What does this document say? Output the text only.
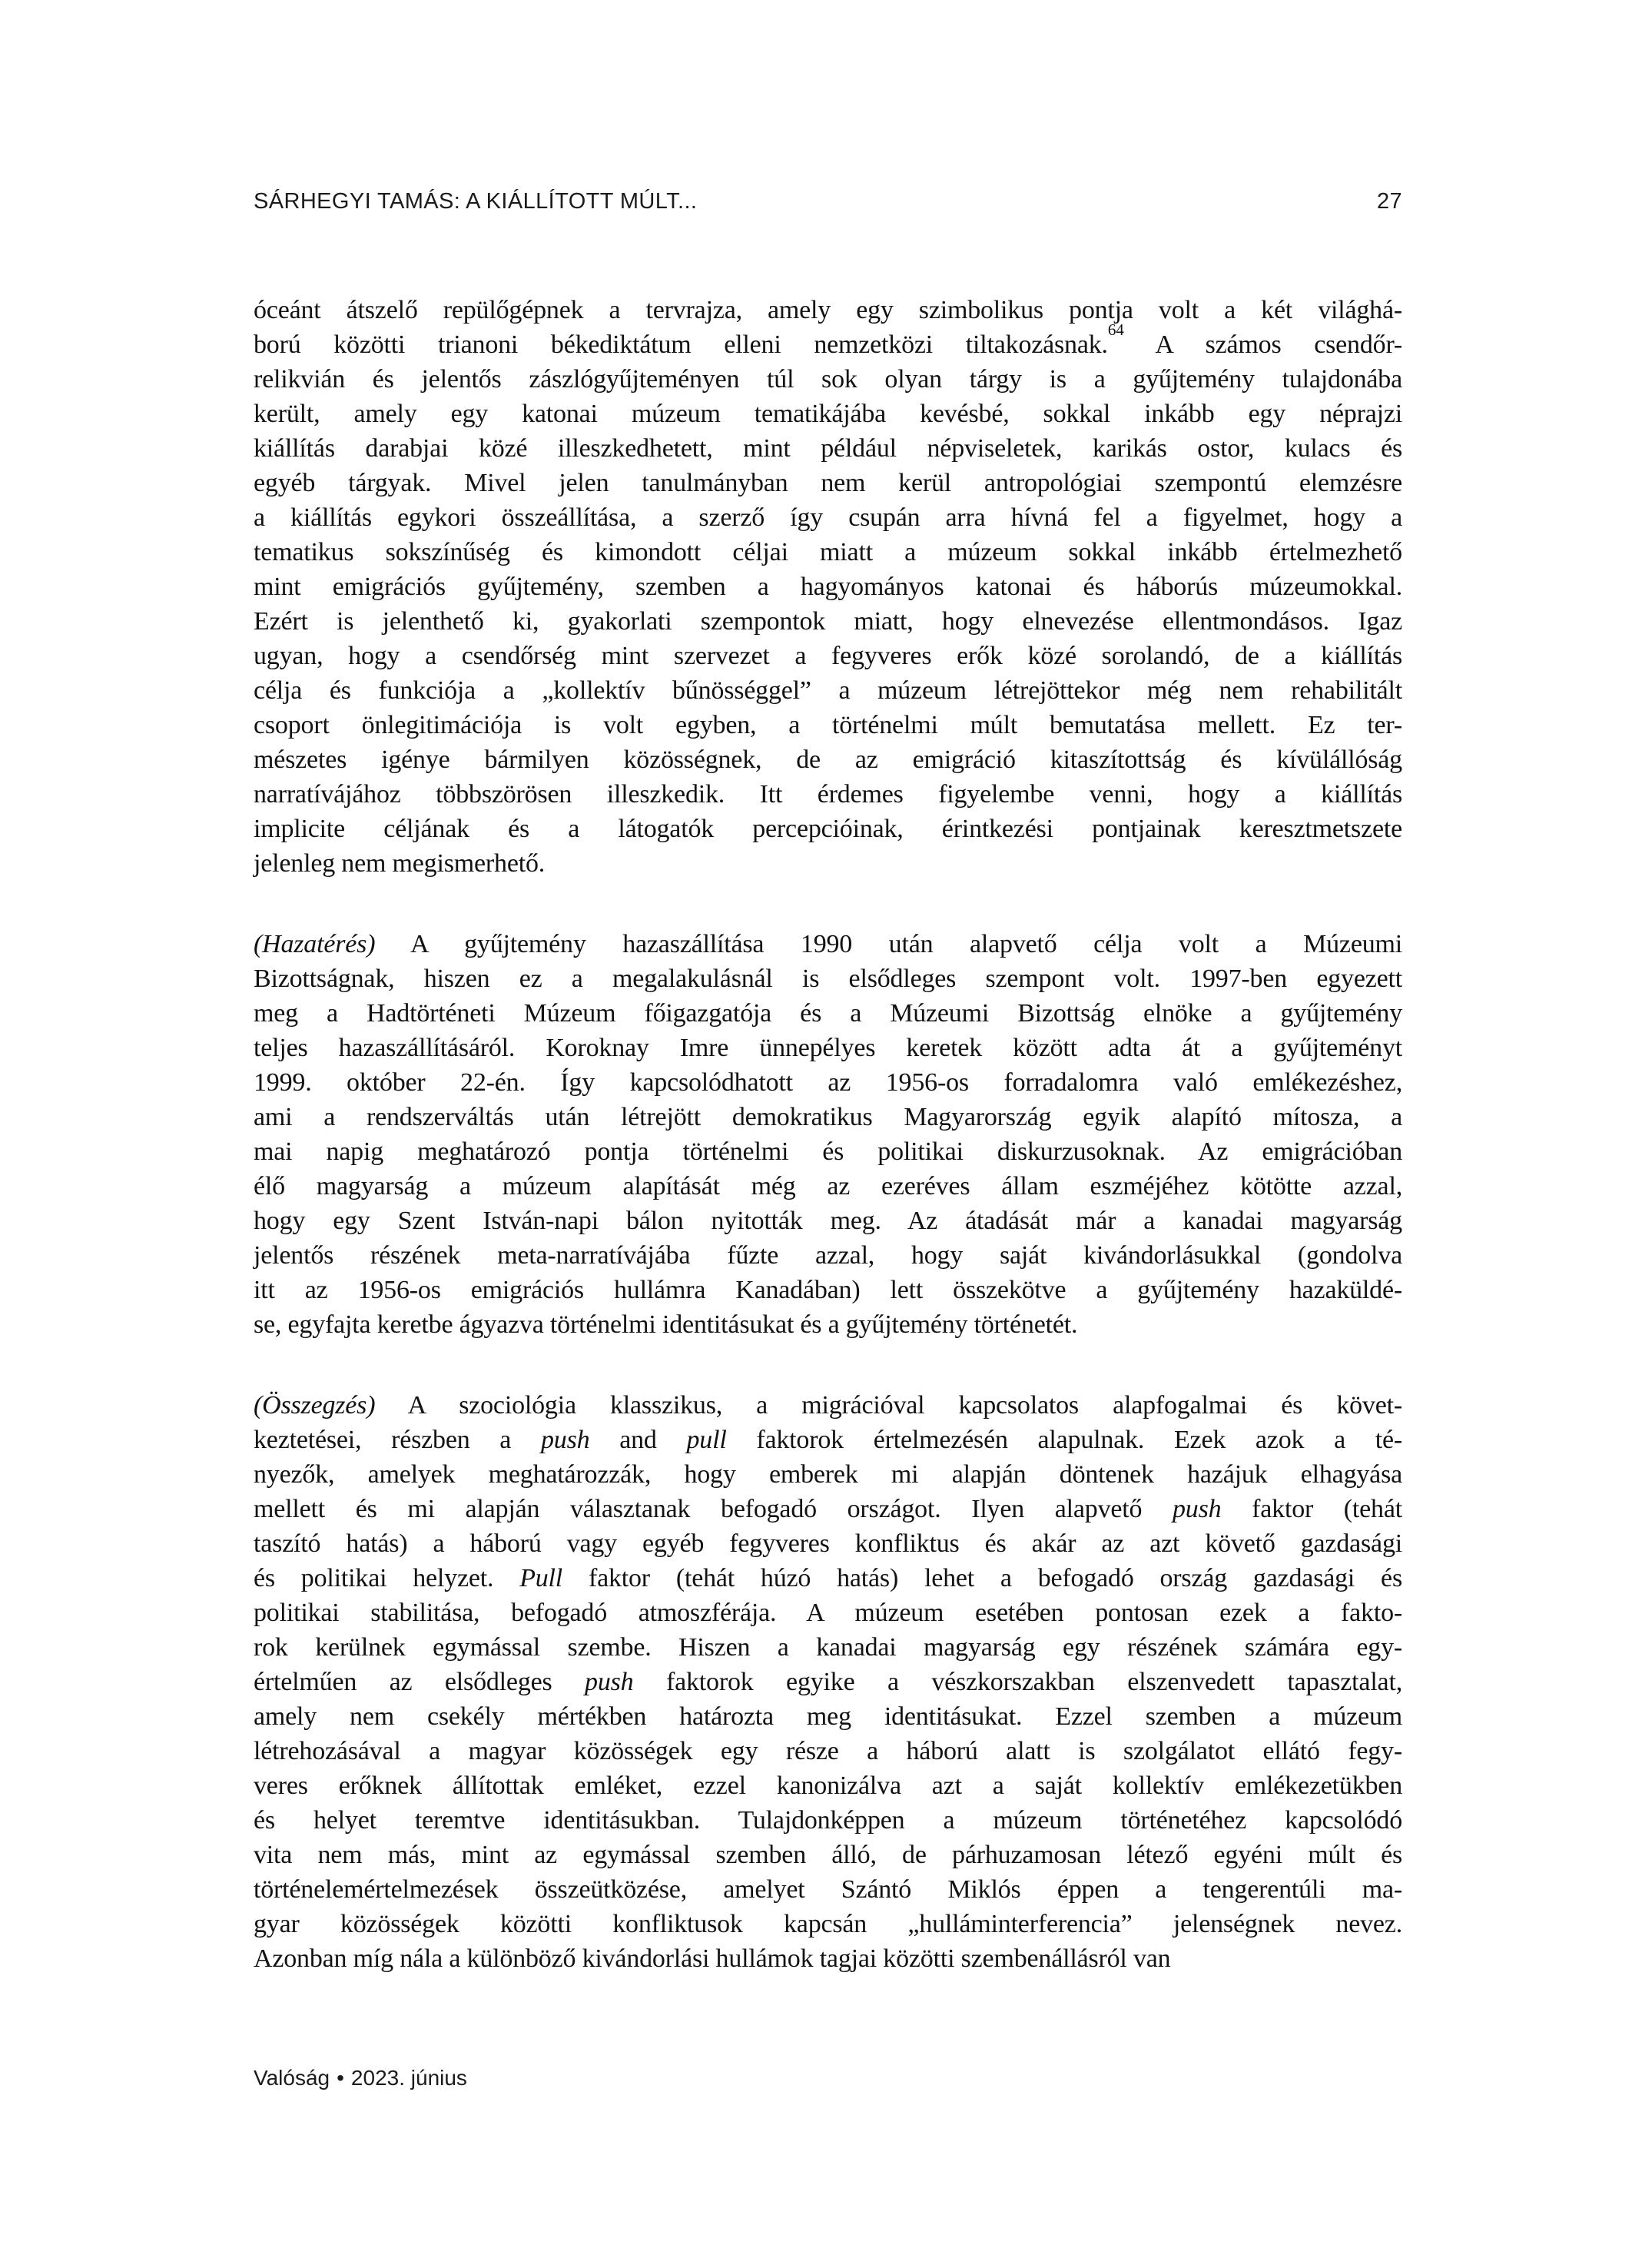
SÁRHEGYI TAMÁS: A KIÁLLÍTOTT MÚLT...	27

óceánt átszelő repülőgépnek a tervrajza, amely egy szimbolikus pontja volt a két világhá-
ború közötti trianoni békediktátum elleni nemzetközi tiltakozásnak.$^{64}$ A számos csendőr-
relikvián és jelentős zászlógyűjteményen túl sok olyan tárgy is a gyűjtemény tulajdonába
került, amely egy katonai múzeum tematikájába kevésbé, sokkal inkább egy néprajzi
kiállítás darabjai közé illeszkedhetett, mint például népviseletek, karikás ostor, kulacs és
egyéb tárgyak. Mivel jelen tanulmányban nem kerül antropológiai szempontú elemzésre
a kiállítás egykori összeállítása, a szerző így csupán arra hívná fel a figyelmet, hogy a
tematikus sokszínűség és kimondott céljai miatt a múzeum sokkal inkább értelmezhető
mint emigrációs gyűjtemény, szemben a hagyományos katonai és háborús múzeumokkal.
Ezért is jelenthető ki, gyakorlati szempontok miatt, hogy elnevezése ellentmondásos. Igaz
ugyan, hogy a csendőrség mint szervezet a fegyveres erők közé sorolandó, de a kiállítás
célja és funkciója a „kollektív bűnösséggel” a múzeum létrejöttekor még nem rehabilitált
csoport önlegitimációja is volt egyben, a történelmi múlt bemutatása mellett. Ez ter-
mészetes igénye bármilyen közösségnek, de az emigráció kitaszítottság és kívülállóság
narratívájához többszörösen illeszkedik. Itt érdemes figyelembe venni, hogy a kiállítás
implicite céljának és a látogatók percepcióinak, érintkezési pontjainak keresztmetszete
jelenleg nem megismerhető.

(Hazatérés) A gyűjtemény hazaszállítása 1990 után alapvető célja volt a Múzeumi
Bizottságnak, hiszen ez a megalakulásnál is elsődleges szempont volt. 1997-ben egyezett
meg a Hadtörténeti Múzeum főigazgatója és a Múzeumi Bizottság elnöke a gyűjtemény
teljes hazaszállításáról. Koroknay Imre ünnepélyes keretek között adta át a gyűjteményt
1999. október 22-én. Így kapcsolódhatott az 1956-os forradalomra való emlékezéshez,
ami a rendszerváltás után létrejött demokratikus Magyarország egyik alapító mítosza, a
mai napig meghatározó pontja történelmi és politikai diskurzusoknak. Az emigrációban
élő magyarság a múzeum alapítását még az ezeréves állam eszméjéhez kötötte azzal,
hogy egy Szent István-napi bálon nyitották meg. Az átadását már a kanadai magyarság
jelentős részének meta-narratívájába fűzte azzal, hogy saját kivándorlásukkal (gondolva
itt az 1956-os emigrációs hullámra Kanadában) lett összekötve a gyűjtemény hazaküldé-
se, egyfajta keretbe ágyazva történelmi identitásukat és a gyűjtemény történetét.

(Összegzés) A szociológia klasszikus, a migrációval kapcsolatos alapfogalmai és követ-
keztetései, részben a push and pull faktorok értelmezésén alapulnak. Ezek azok a té-
nyezők, amelyek meghatározzák, hogy emberek mi alapján döntenek hazájuk elhagyása
mellett és mi alapján választanak befogadó országot. Ilyen alapvető push faktor (tehát
taszító hatás) a háború vagy egyéb fegyveres konfliktus és akár az azt követő gazdasági
és politikai helyzet. Pull faktor (tehát húzó hatás) lehet a befogadó ország gazdasági és
politikai stabilitása, befogadó atmoszférája. A múzeum esetében pontosan ezek a fakto-
rok kerülnek egymással szembe. Hiszen a kanadai magyarság egy részének számára egy-
értelműen az elsődleges push faktorok egyike a vészkorszakban elszenvedett tapasztalat,
amely nem csekély mértékben határozta meg identitásukat. Ezzel szemben a múzeum
létrehozásával a magyar közösségek egy része a háború alatt is szolgálatot ellátó fegy-
veres erőknek állítottak emléket, ezzel kanonizálva azt a saját kollektív emlékezetükben
és helyet teremtve identitásukban. Tulajdonképpen a múzeum történetéhez kapcsolódó
vita nem más, mint az egymással szemben álló, de párhuzamosan létező egyéni múlt és
történelemértelmezések összeütközése, amelyet Szántó Miklós éppen a tengerentúli ma-
gyar közösségek közötti konfliktusok kapcsán „hulláminterferencia” jelenségnek nevez.
Azonban míg nála a különböző kivándorlási hullámok tagjai közötti szembenállásról van

Valóság • 2023. június
